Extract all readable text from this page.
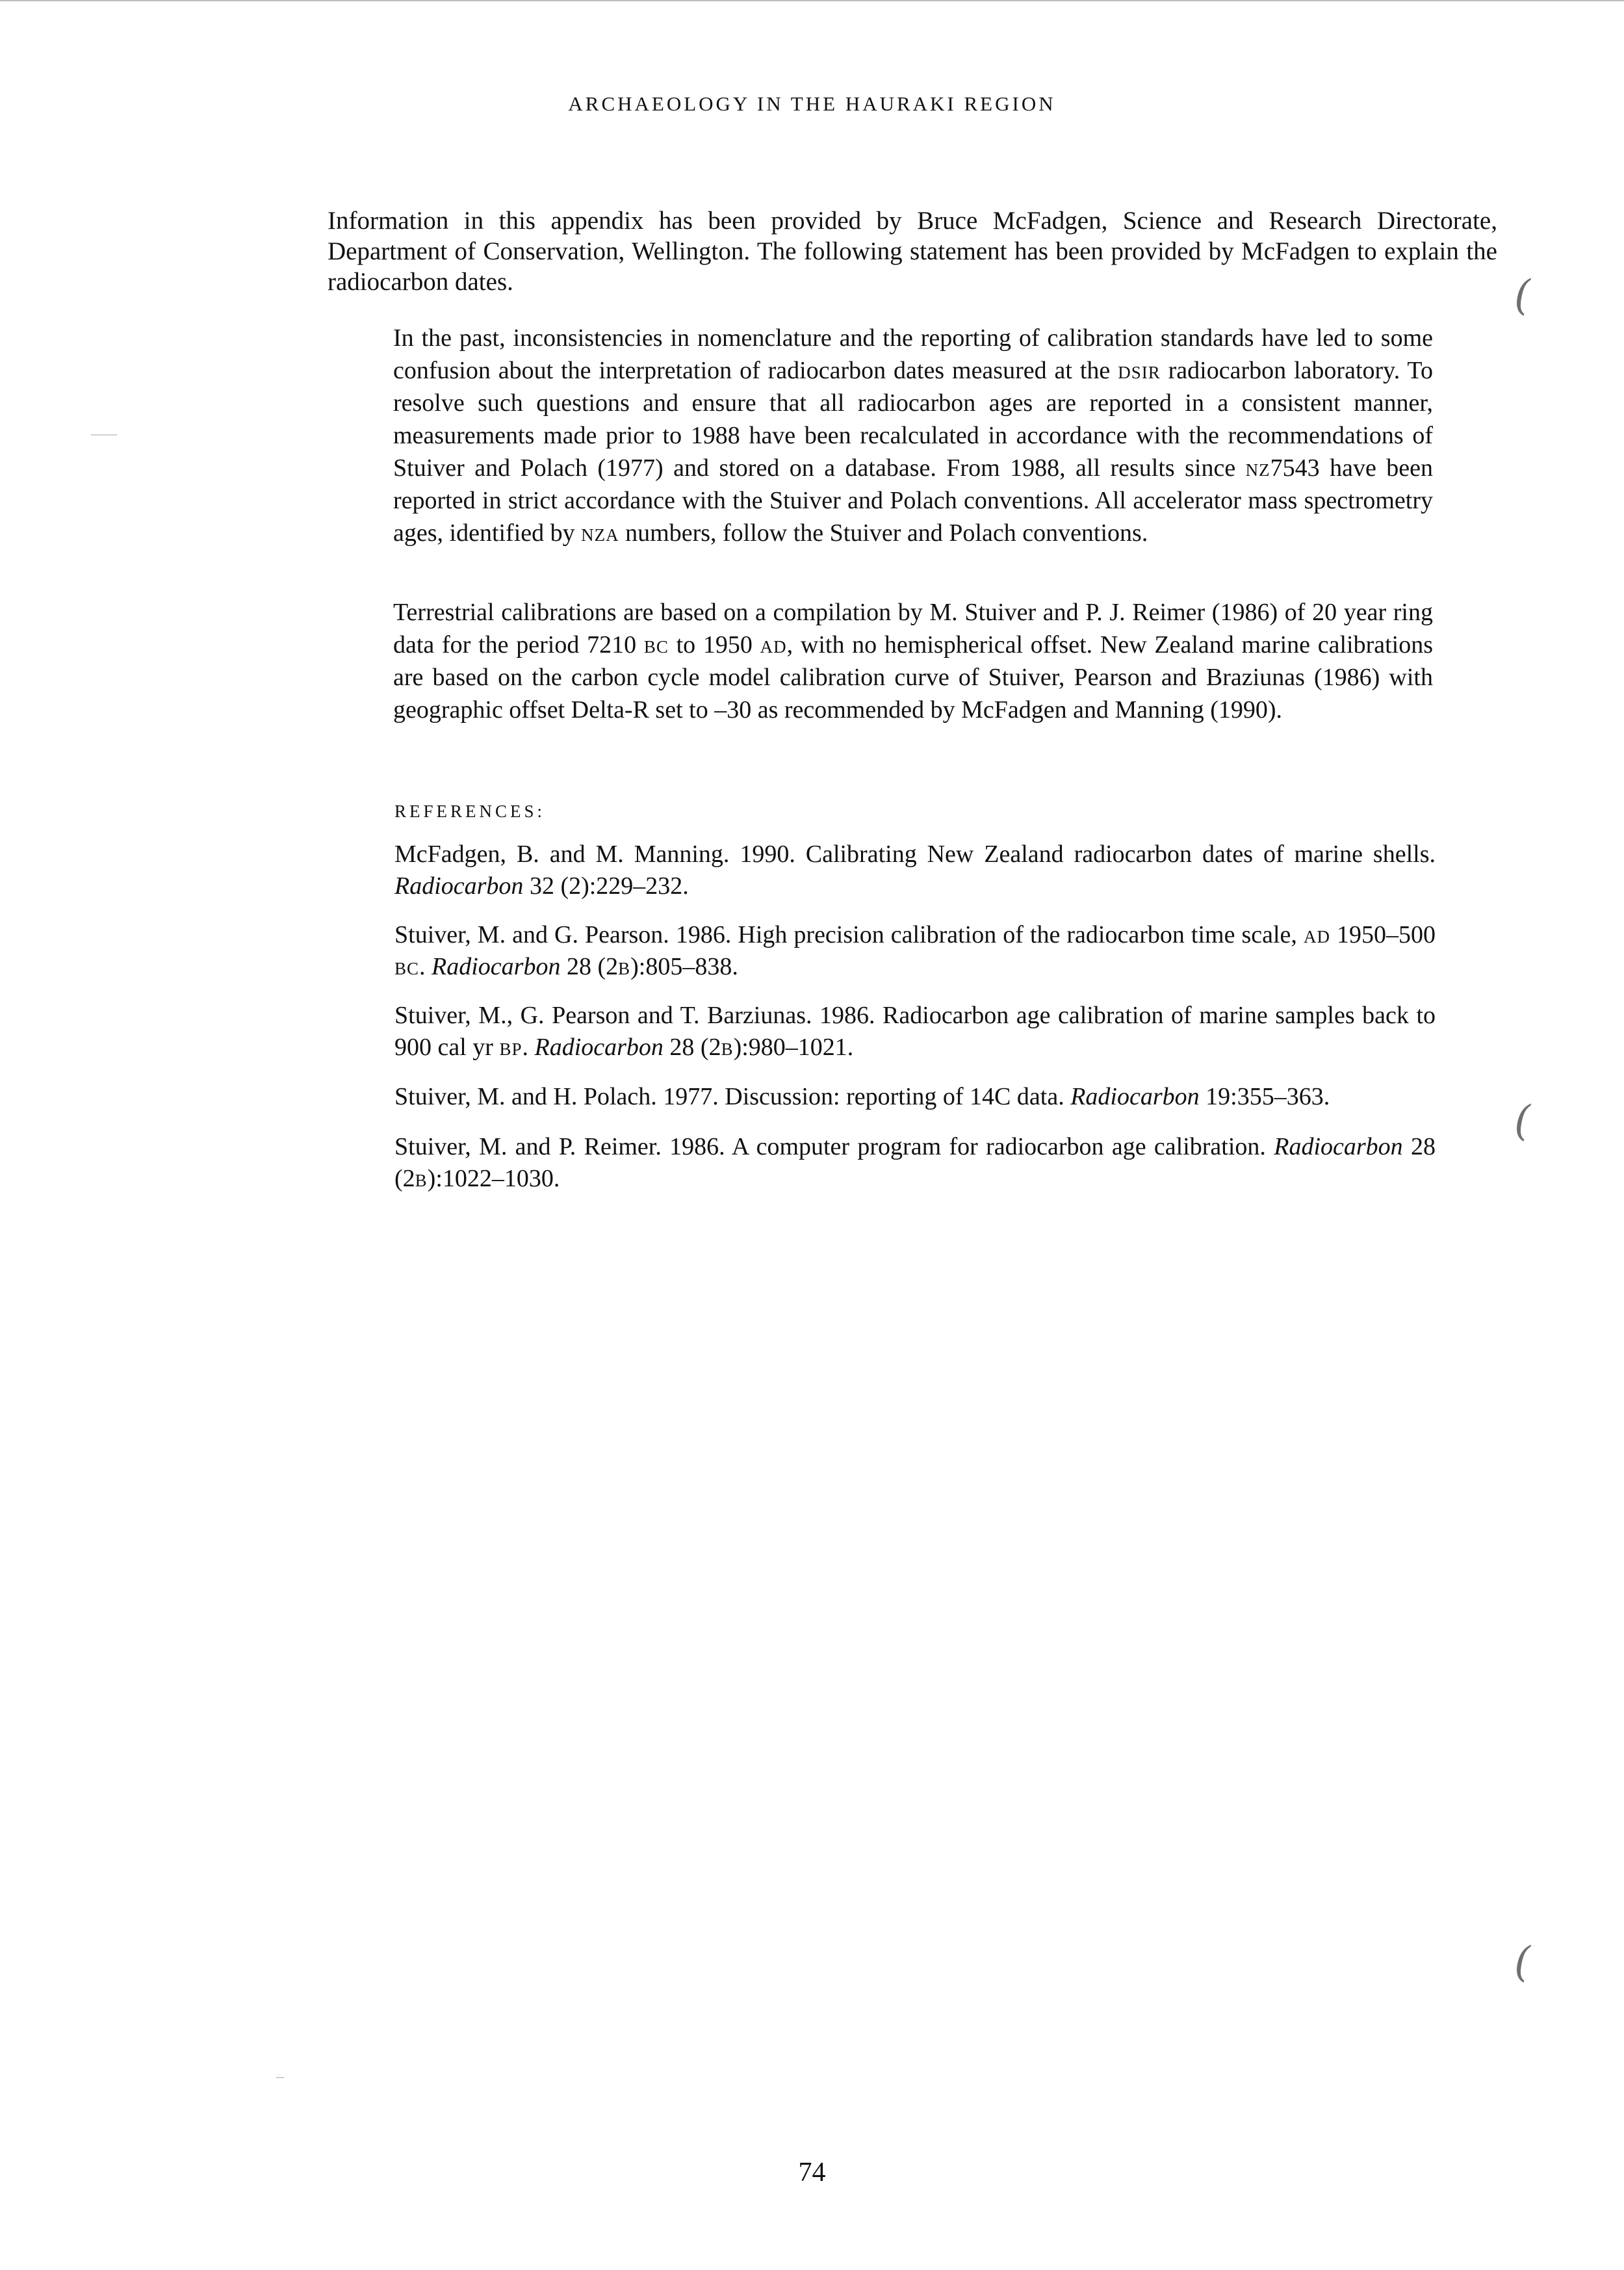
ARCHAEOLOGY IN THE HAURAKI REGION

Information in this appendix has been provided by Bruce McFadgen, Science and Research Directorate, Department of Conservation, Wellington. The following statement has been provided by McFadgen to explain the radiocarbon dates.

In the past, inconsistencies in nomenclature and the reporting of calibration standards have led to some confusion about the interpretation of radiocarbon dates measured at the dsir radiocarbon laboratory. To resolve such questions and ensure that all radiocarbon ages are reported in a consistent manner, measurements made prior to 1988 have been recalculated in accordance with the recommendations of Stuiver and Polach (1977) and stored on a database. From 1988, all results since nz7543 have been reported in strict accordance with the Stuiver and Polach conventions. All accelerator mass spectrometry ages, identified by nza numbers, follow the Stuiver and Polach conventions.

Terrestrial calibrations are based on a compilation by M. Stuiver and P. J. Reimer (1986) of 20 year ring data for the period 7210 bc to 1950 ad, with no hemispherical offset. New Zealand marine calibrations are based on the carbon cycle model calibration curve of Stuiver, Pearson and Braziunas (1986) with geographic offset Delta-R set to –30 as recommended by McFadgen and Manning (1990).

REFERENCES:

McFadgen, B. and M. Manning. 1990. Calibrating New Zealand radiocarbon dates of marine shells. Radiocarbon 32 (2):229–232.

Stuiver, M. and G. Pearson. 1986. High precision calibration of the radiocarbon time scale, ad 1950–500 bc. Radiocarbon 28 (2b):805–838.

Stuiver, M., G. Pearson and T. Barziunas. 1986. Radiocarbon age calibration of marine samples back to 900 cal yr bp. Radiocarbon 28 (2b):980–1021.

Stuiver, M. and H. Polach. 1977. Discussion: reporting of 14C data. Radiocarbon 19:355–363.

Stuiver, M. and P. Reimer. 1986. A computer program for radiocarbon age calibration. Radiocarbon 28 (2b):1022–1030.

74
(
(
(
